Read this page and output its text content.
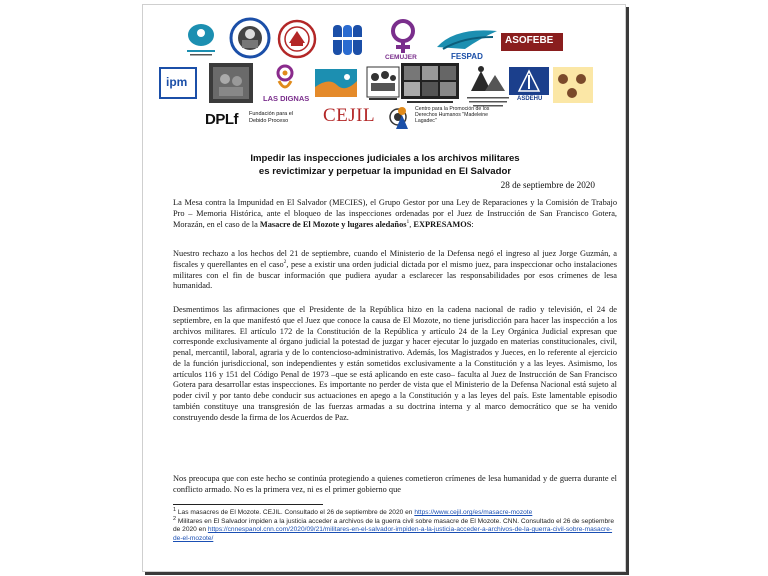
CEMUJER	FESPAD
ASOFEBE
ipm
LAS DIGNAS	ASDEHU
DPLf Fundación para el Debido Proceso	CEJIL	Centro para la Promoción de los Derechos Humanos "Madeleine Lagadec"
Impedir las inspecciones judiciales a los archivos militares
es revictimizar y perpetuar la impunidad en El Salvador
28 de septiembre de 2020
La Mesa contra la Impunidad en El Salvador (MECIES), el Grupo Gestor por una Ley de Reparaciones y la Comisión de Trabajo Pro – Memoria Histórica, ante el bloqueo de las inspecciones ordenadas por el Juez de Instrucción de San Francisco Gotera, Morazán, en el caso de la Masacre de El Mozote y lugares aledaños$^1$, EXPRESAMOS:
Nuestro rechazo a los hechos del 21 de septiembre, cuando el Ministerio de la Defensa negó el ingreso al juez Jorge Guzmán, a fiscales y querellantes en el caso$^2$, pese a existir una orden judicial dictada por el mismo juez, para inspeccionar ocho instalaciones militares con el fin de buscar información que pudiera ayudar a esclarecer las responsabilidades por esos crímenes de lesa humanidad.
Desmentimos las afirmaciones que el Presidente de la República hizo en la cadena nacional de radio y televisión, el 24 de septiembre, en la que manifestó que el Juez que conoce la causa de El Mozote, no tiene jurisdicción para hacer las inspección a los archivos militares. El artículo 172 de la Constitución de la República y artículo 24 de la Ley Orgánica Judicial expresan que corresponde exclusivamente al órgano judicial la potestad de juzgar y hacer ejecutar lo juzgado en materias constitucionales, civil, penal, mercantil, laboral, agraria y de lo contencioso-administrativo. Además, los Magistrados y Jueces, en lo referente al ejercicio de la función jurisdiccional, son independientes y están sometidos exclusivamente a la Constitución y a las leyes. Asimismo, los artículos 116 y 151 del Código Penal de 1973 –que se está aplicando en este caso– faculta al Juez de Instrucción de San Francisco Gotera para desarrollar estas inspecciones. Es importante no perder de vista que el Ministerio de la Defensa Nacional está sujeto al poder civil y por tanto debe conducir sus actuaciones en apego a la Constitución y a las leyes del país. Este lamentable episodio también constituye una transgresión de las fuerzas armadas a su doctrina interna y al marco democrático que se ha venido construyendo desde la firma de los Acuerdos de Paz.
Nos preocupa que con este hecho se continúa protegiendo a quienes cometieron crímenes de lesa humanidad y de guerra durante el conflicto armado. No es la primera vez, ni es el primer gobierno que
$^1$ Las masacres de El Mozote. CEJIL. Consultado el 26 de septiembre de 2020 en https://www.cejil.org/es/masacre-mozote
$^2$ Militares en El Salvador impiden a la justicia acceder a archivos de la guerra civil sobre masacre de El Mozote. CNN. Consultado el 26 de septiembre de 2020 en https://cnnespanol.cnn.com/2020/09/21/militares-en-el-salvador-impiden-a-la-justicia-acceder-a-archivos-de-la-guerra-civil-sobre-masacre-de-el-mozote/
